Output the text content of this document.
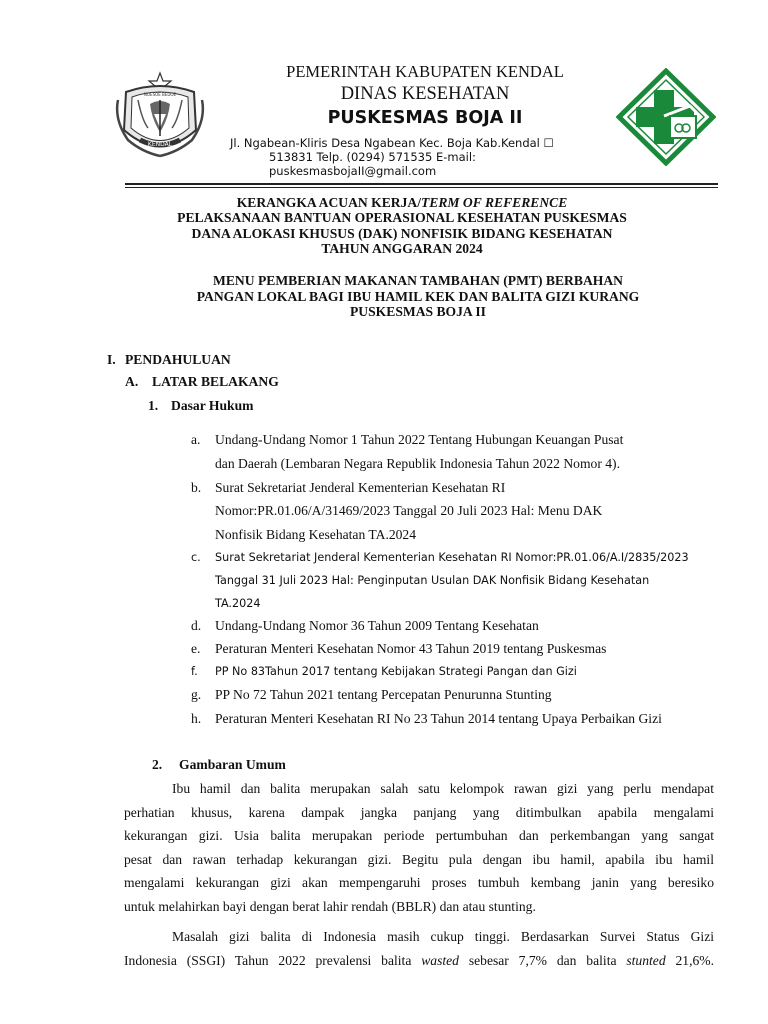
KENDAL
NOESOE BEDOE
PEMERINTAH KABUPATEN KENDAL
DINAS KESEHATAN
PUSKESMAS BOJA II
Jl. Ngabean-Kliris Desa Ngabean Kec. Boja Kab.Kendal ☐
513831 Telp. (0294) 571535 E-mail:
puskesmasbojaII@gmail.com
KERANGKA ACUAN KERJA/TERM OF REFERENCE
PELAKSANAAN BANTUAN OPERASIONAL KESEHATAN PUSKESMAS
DANA ALOKASI KHUSUS (DAK) NONFISIK BIDANG KESEHATAN
TAHUN ANGGARAN 2024
MENU PEMBERIAN MAKANAN TAMBAHAN (PMT) BERBAHAN
PANGAN LOKAL BAGI IBU HAMIL KEK DAN BALITA GIZI KURANG
PUSKESMAS BOJA II
I. PENDAHULUAN
A. LATAR BELAKANG
1. Dasar Hukum
a. Undang-Undang Nomor 1 Tahun 2022 Tentang Hubungan Keuangan Pusat
dan Daerah (Lembaran Negara Republik Indonesia Tahun 2022 Nomor 4).
b. Surat Sekretariat Jenderal Kementerian Kesehatan RI
Nomor:PR.01.06/A/31469/2023 Tanggal 20 Juli 2023 Hal: Menu DAK
Nonfisik Bidang Kesehatan TA.2024
c. Surat Sekretariat Jenderal Kementerian Kesehatan RI Nomor:PR.01.06/A.I/2835/2023
Tanggal 31 Juli 2023 Hal: Penginputan Usulan DAK Nonfisik Bidang Kesehatan
TA.2024
d. Undang-Undang Nomor 36 Tahun 2009 Tentang Kesehatan
e. Peraturan Menteri Kesehatan Nomor 43 Tahun 2019 tentang Puskesmas
f. PP No 83Tahun 2017 tentang Kebijakan Strategi Pangan dan Gizi
g. PP No 72 Tahun 2021 tentang Percepatan Penurunna Stunting
h. Peraturan Menteri Kesehatan RI No 23 Tahun 2014 tentang Upaya Perbaikan Gizi
2. Gambaran Umum
Ibu hamil dan balita merupakan salah satu kelompok rawan gizi yang perlu mendapat
perhatian khusus, karena dampak jangka panjang yang ditimbulkan apabila mengalami
kekurangan gizi. Usia balita merupakan periode pertumbuhan dan perkembangan yang sangat
pesat dan rawan terhadap kekurangan gizi. Begitu pula dengan ibu hamil, apabila ibu hamil
mengalami kekurangan gizi akan mempengaruhi proses tumbuh kembang janin yang beresiko
untuk melahirkan bayi dengan berat lahir rendah (BBLR) dan atau stunting.
Masalah gizi balita di Indonesia masih cukup tinggi. Berdasarkan Survei Status Gizi
Indonesia (SSGI) Tahun 2022 prevalensi balita wasted sebesar 7,7% dan balita stunted 21,6%.
